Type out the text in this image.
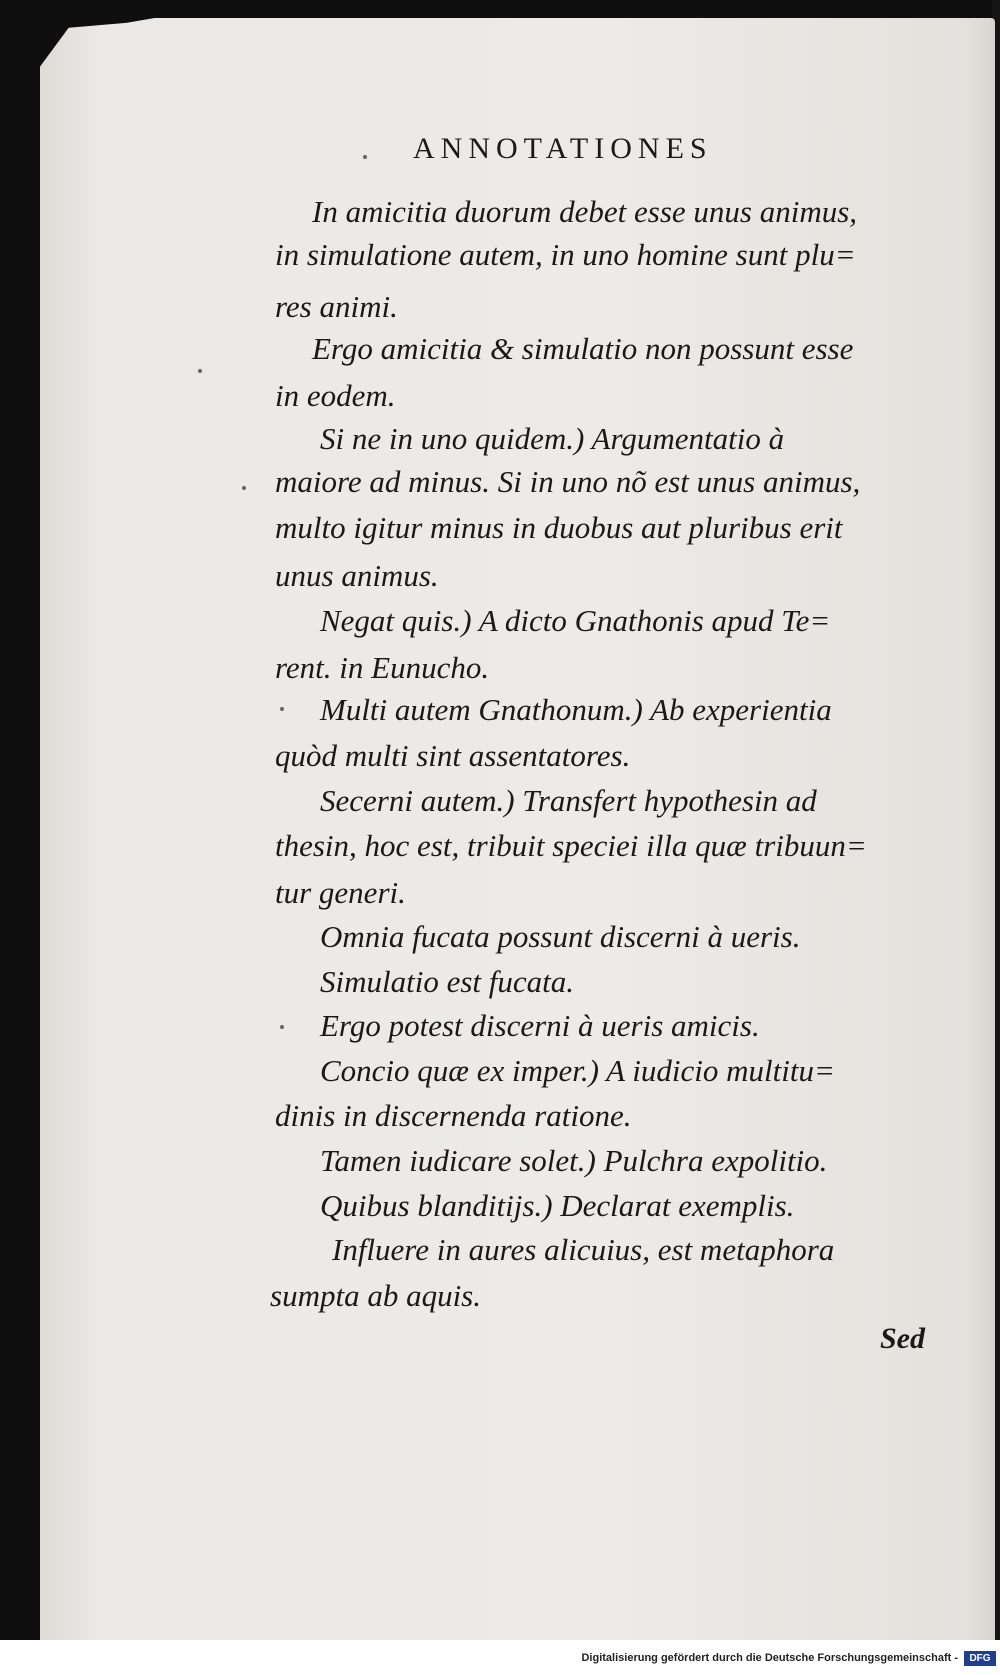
ANNOTATIONES
In amicitia duorum debet esse unus animus,
in simulatione autem, in uno homine sunt plu=
res animi.
Ergo amicitia & simulatio non possunt esse
in eodem.
Si ne in uno quidem.) Argumentatio à
maiore ad minus. Si in uno nõ est unus animus,
multo igitur minus in duobus aut pluribus erit
unus animus.
Negat quis.) A dicto Gnathonis apud Te=
rent. in Eunucho.
Multi autem Gnathonum.) Ab experientia
quòd multi sint assentatores.
Secerni autem.) Transfert hypothesin ad
thesin, hoc est, tribuit speciei illa quæ tribuun=
tur generi.
Omnia fucata possunt discerni à ueris.
Simulatio est fucata.
Ergo potest discerni à ueris amicis.
Concio quæ ex imper.) A iudicio multitu=
dinis in discernenda ratione.
Tamen iudicare solet.) Pulchra expolitio.
Quibus blanditijs.) Declarat exemplis.
Influere in aures alicuius, est metaphora
sumpta ab aquis.
Sed
Digitalisierung gefördert durch die Deutsche Forschungsgemeinschaft -	DFG
